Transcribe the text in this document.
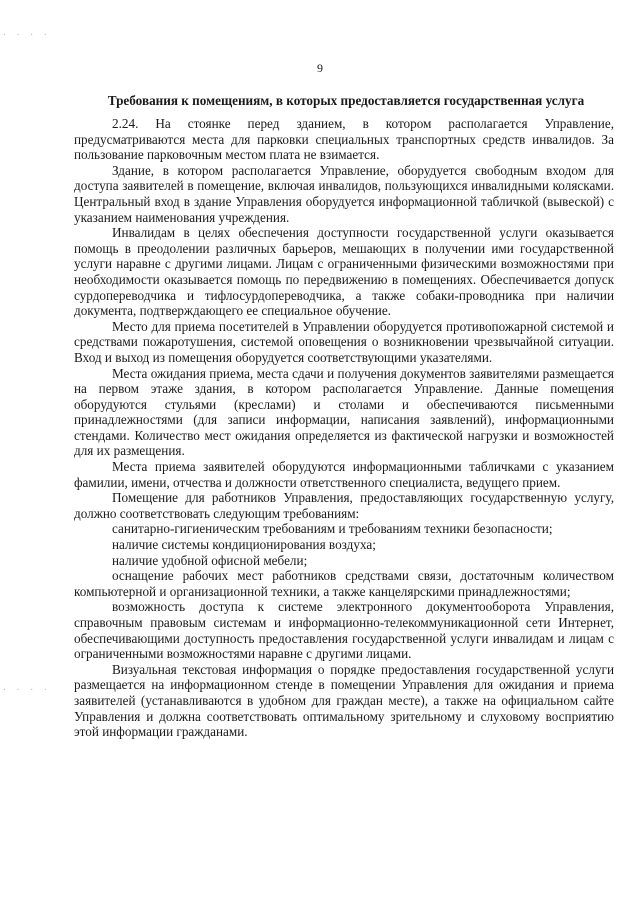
· · · ·
· · · ·
9
Требования к помещениям, в которых предоставляется государственная услуга

2.24. На стоянке перед зданием, в котором располагается Управление, предусматриваются места для парковки специальных транспортных средств инвалидов. За пользование парковочным местом плата не взимается.

Здание, в котором располагается Управление, оборудуется свободным входом для доступа заявителей в помещение, включая инвалидов, пользующихся инвалидными колясками. Центральный вход в здание Управления оборудуется информационной табличкой (вывеской) с указанием наименования учреждения.

Инвалидам в целях обеспечения доступности государственной услуги оказывается помощь в преодолении различных барьеров, мешающих в получении ими государственной услуги наравне с другими лицами. Лицам с ограниченными физическими возможностями при необходимости оказывается помощь по передвижению в помещениях. Обеспечивается допуск сурдопереводчика и тифлосурдопереводчика, а также собаки-проводника при наличии документа, подтверждающего ее специальное обучение.

Место для приема посетителей в Управлении оборудуется противопожарной системой и средствами пожаротушения, системой оповещения о возникновении чрезвычайной ситуации. Вход и выход из помещения оборудуется соответствующими указателями.

Места ожидания приема, места сдачи и получения документов заявителями размещается на первом этаже здания, в котором располагается Управление. Данные помещения оборудуются стульями (креслами) и столами и обеспечиваются письменными принадлежностями (для записи информации, написания заявлений), информационными стендами. Количество мест ожидания определяется из фактической нагрузки и возможностей для их размещения.

Места приема заявителей оборудуются информационными табличками с указанием фамилии, имени, отчества и должности ответственного специалиста, ведущего прием.

Помещение для работников Управления, предоставляющих государственную услугу, должно соответствовать следующим требованиям:

санитарно-гигиеническим требованиям и требованиям техники безопасности;

наличие системы кондиционирования воздуха;

наличие удобной офисной мебели;

оснащение рабочих мест работников средствами связи, достаточным количеством компьютерной и организационной техники, а также канцелярскими принадлежностями;

возможность доступа к системе электронного документооборота Управления, справочным правовым системам и информационно-телекоммуникационной сети Интернет, обеспечивающими доступность предоставления государственной услуги инвалидам и лицам с ограниченными возможностями наравне с другими лицами.

Визуальная текстовая информация о порядке предоставления государственной услуги размещается на информационном стенде в помещении Управления для ожидания и приема заявителей (устанавливаются в удобном для граждан месте), а также на официальном сайте Управления и должна соответствовать оптимальному зрительному и слуховому восприятию этой информации гражданами.
